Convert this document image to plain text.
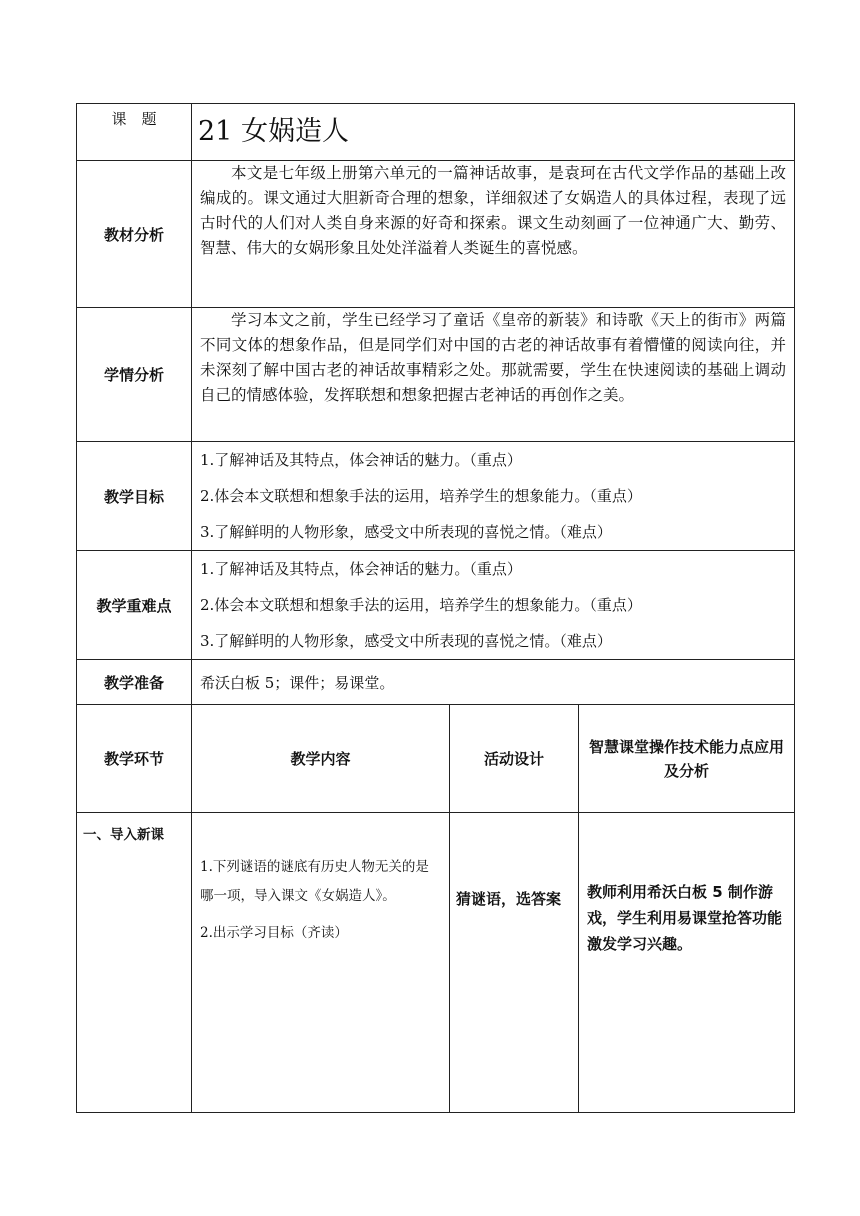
课　题	21 女娲造人		
教材分析	本文是七年级上册第六单元的一篇神话故事，是袁珂在古代文学作品的基础上改编成的。课文通过大胆新奇合理的想象，详细叙述了女娲造人的具体过程，表现了远古时代的人们对人类自身来源的好奇和探索。课文生动刻画了一位神通广大、勤劳、智慧、伟大的女娲形象且处处洋溢着人类诞生的喜悦感。		

学情分析	学习本文之前，学生已经学习了童话《皇帝的新装》和诗歌《天上的街市》两篇不同文体的想象作品，但是同学们对中国的古老的神话故事有着懵懂的阅读向往，并未深刻了解中国古老的神话故事精彩之处。那就需要，学生在快速阅读的基础上调动自己的情感体验，发挥联想和想象把握古老神话的再创作之美。		

教学目标	1.了解神话及其特点，体会神话的魅力。（重点）
2.体会本文联想和想象手法的运用，培养学生的想象能力。（重点）
3.了解鲜明的人物形象，感受文中所表现的喜悦之情。（难点）		

教学重难点	1.了解神话及其特点，体会神话的魅力。（重点）
2.体会本文联想和想象手法的运用，培养学生的想象能力。（重点）
3.了解鲜明的人物形象，感受文中所表现的喜悦之情。（难点）		

教学准备	希沃白板 5；课件；易课堂。		
教学环节	教学内容	活动设计	智慧课堂操作技术能力点应用及分析
一、导入新课	1.下列谜语的谜底有历史人物无关的是哪一项，导入课文《女娲造人》。
2.出示学习目标（齐读）	猜谜语，选答案	教师利用希沃白板 5 制作游戏，学生利用易课堂抢答功能激发学习兴趣。
